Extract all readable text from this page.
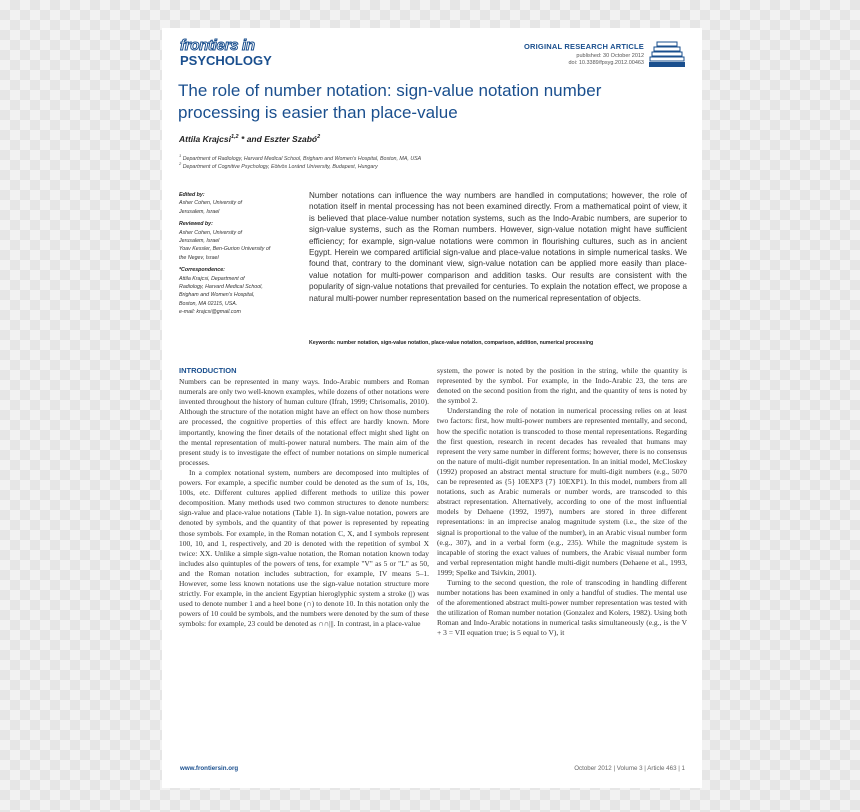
frontiers in
PSYCHOLOGY
ORIGINAL RESEARCH ARTICLE
published: 30 October 2012
doi: 10.3389/fpsyg.2012.00463
The role of number notation: sign-value notation number processing is easier than place-value
Attila Krajcsi$^{1,2}$ * and Eszter Szabó$^2$
$^1$ Department of Radiology, Harvard Medical School, Brigham and Women's Hospital, Boston, MA, USA
$^2$ Department of Cognitive Psychology, Eötvös Loránd University, Budapest, Hungary
Edited by:
Asher Cohen, University of
Jerusalem, Israel
Reviewed by:
Asher Cohen, University of
Jerusalem, Israel
Yoav Kessler, Ben-Gurion University of
the Negev, Israel
*Correspondence:
Attila Krajcsi, Department of
Radiology, Harvard Medical School,
Brigham and Women's Hospital,
Boston, MA 02115, USA.
e-mail: krajcsi@gmail.com
Number notations can influence the way numbers are handled in computations; however, the role of notation itself in mental processing has not been examined directly. From a mathematical point of view, it is believed that place-value number notation systems, such as the Indo-Arabic numbers, are superior to sign-value systems, such as the Roman numbers. However, sign-value notation might have sufficient efficiency; for example, sign-value notations were common in flourishing cultures, such as in ancient Egypt. Herein we compared artificial sign-value and place-value notations in simple numerical tasks. We found that, contrary to the dominant view, sign-value notation can be applied more easily than place-value notation for multi-power comparison and addition tasks. Our results are consistent with the popularity of sign-value notations that prevailed for centuries. To explain the notation effect, we propose a natural multi-power number representation based on the numerical representation of objects.
Keywords: number notation, sign-value notation, place-value notation, comparison, addition, numerical processing
INTRODUCTION

Numbers can be represented in many ways. Indo-Arabic numbers and Roman numerals are only two well-known examples, while dozens of other notations were invented throughout the history of human culture (Ifrah, 1999; Chrisomalis, 2010). Although the structure of the notation might have an effect on how those numbers are processed, the cognitive properties of this effect are hardly known. More importantly, knowing the finer details of the notational effect might shed light on the mental representation of multi-power natural numbers. The main aim of the present study is to investigate the effect of number notations on simple numerical processes.

In a complex notational system, numbers are decomposed into multiples of powers. For example, a specific number could be denoted as the sum of 1s, 10s, 100s, etc. Different cultures applied different methods to utilize this power decomposition. Many methods used two common structures to denote numbers: sign-value and place-value notations (Table 1). In sign-value notation, powers are denoted by symbols, and the quantity of that power is represented by repeating those symbols. For example, in the Roman notation C, X, and I symbols represent 100, 10, and 1, respectively, and 20 is denoted with the repetition of symbol X twice: XX. Unlike a simple sign-value notation, the Roman notation known today includes also quintuples of the powers of tens, for example "V" as 5 or "L" as 50, and the Roman notation includes subtraction, for example, IV means 5–1. However, some less known notations use the sign-value notation structure more strictly. For example, in the ancient Egyptian hieroglyphic system a stroke (|) was used to denote number 1 and a heel bone (∩) to denote 10. In this notation only the powers of 10 could be symbols, and the numbers were denoted by the sum of these symbols: for example, 23 could be denoted as ∩∩|||. In contrast, in a place-value

system, the power is noted by the position in the string, while the quantity is represented by the symbol. For example, in the Indo-Arabic 23, the tens are denoted on the second position from the right, and the quantity of tens is noted by the symbol 2.

Understanding the role of notation in numerical processing relies on at least two factors: first, how multi-power numbers are represented mentally, and second, how the specific notation is transcoded to those mental representations. Regarding the first question, research in recent decades has revealed that humans may represent the very same number in different forms; however, there is no consensus on the nature of multi-digit number representation. In an initial model, McCloskey (1992) proposed an abstract mental structure for multi-digit numbers (e.g., 5070 can be represented as {5} 10EXP3 {7} 10EXP1). In this model, numbers from all notations, such as Arabic numerals or number words, are transcoded to this abstract representation. Alternatively, according to one of the most influential models by Dehaene (1992, 1997), numbers are stored in three different representations: in an imprecise analog magnitude system (i.e., the size of the signal is proportional to the value of the number), in an Arabic visual number form (e.g., 307), and in a verbal form (e.g., 235). While the magnitude system is incapable of storing the exact values of numbers, the Arabic visual number form and verbal representation might handle multi-digit numbers (Dehaene et al., 1993, 1999; Spelke and Tsivkin, 2001).

Turning to the second question, the role of transcoding in handling different number notations has been examined in only a handful of studies. The mental use of the aforementioned abstract multi-power number representation was tested with the utilization of Roman number notation (Gonzalez and Kolers, 1982). Using both Roman and Indo-Arabic notations in numerical tasks simultaneously (e.g., is the V + 3 = VII equation true; is 5 equal to V), it

www.frontiersin.org	October 2012 | Volume 3 | Article 463 | 1
